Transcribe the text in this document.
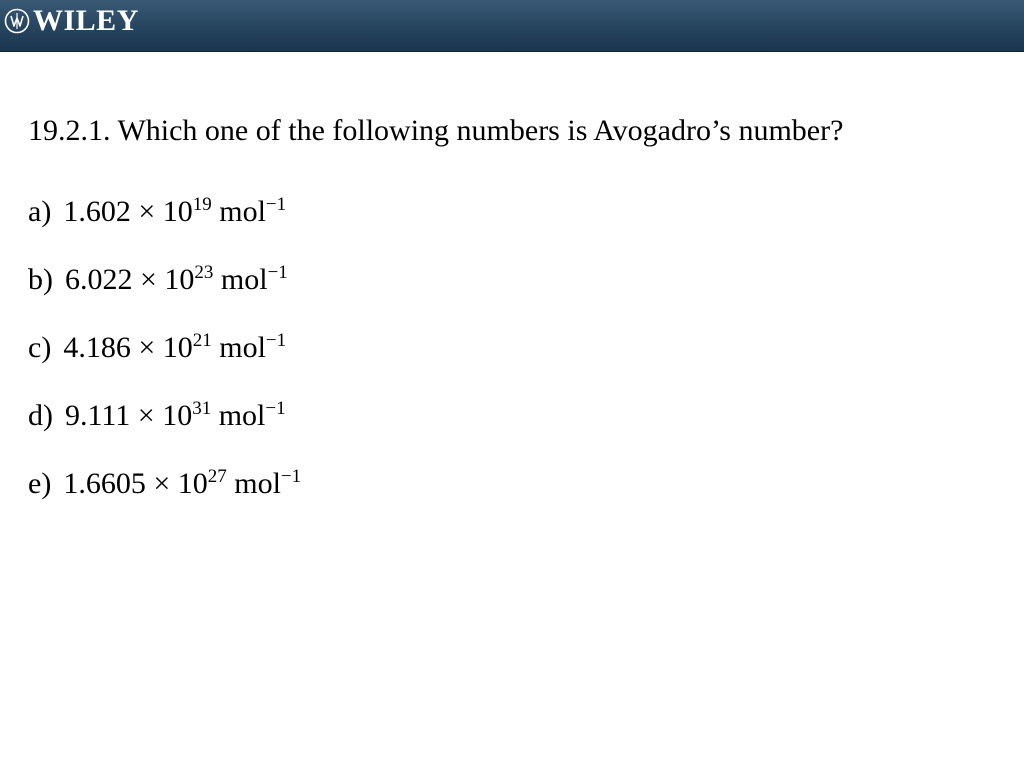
WILEY
19.2.1. Which one of the following numbers is Avogadro’s number?
a) $1.602 \times 10^{19}$ mol$^{-1}$
b) $6.022 \times 10^{23}$ mol$^{-1}$
c) $4.186 \times 10^{21}$ mol$^{-1}$
d) $9.111 \times 10^{31}$ mol$^{-1}$
e) $1.6605 \times 10^{27}$ mol$^{-1}$
